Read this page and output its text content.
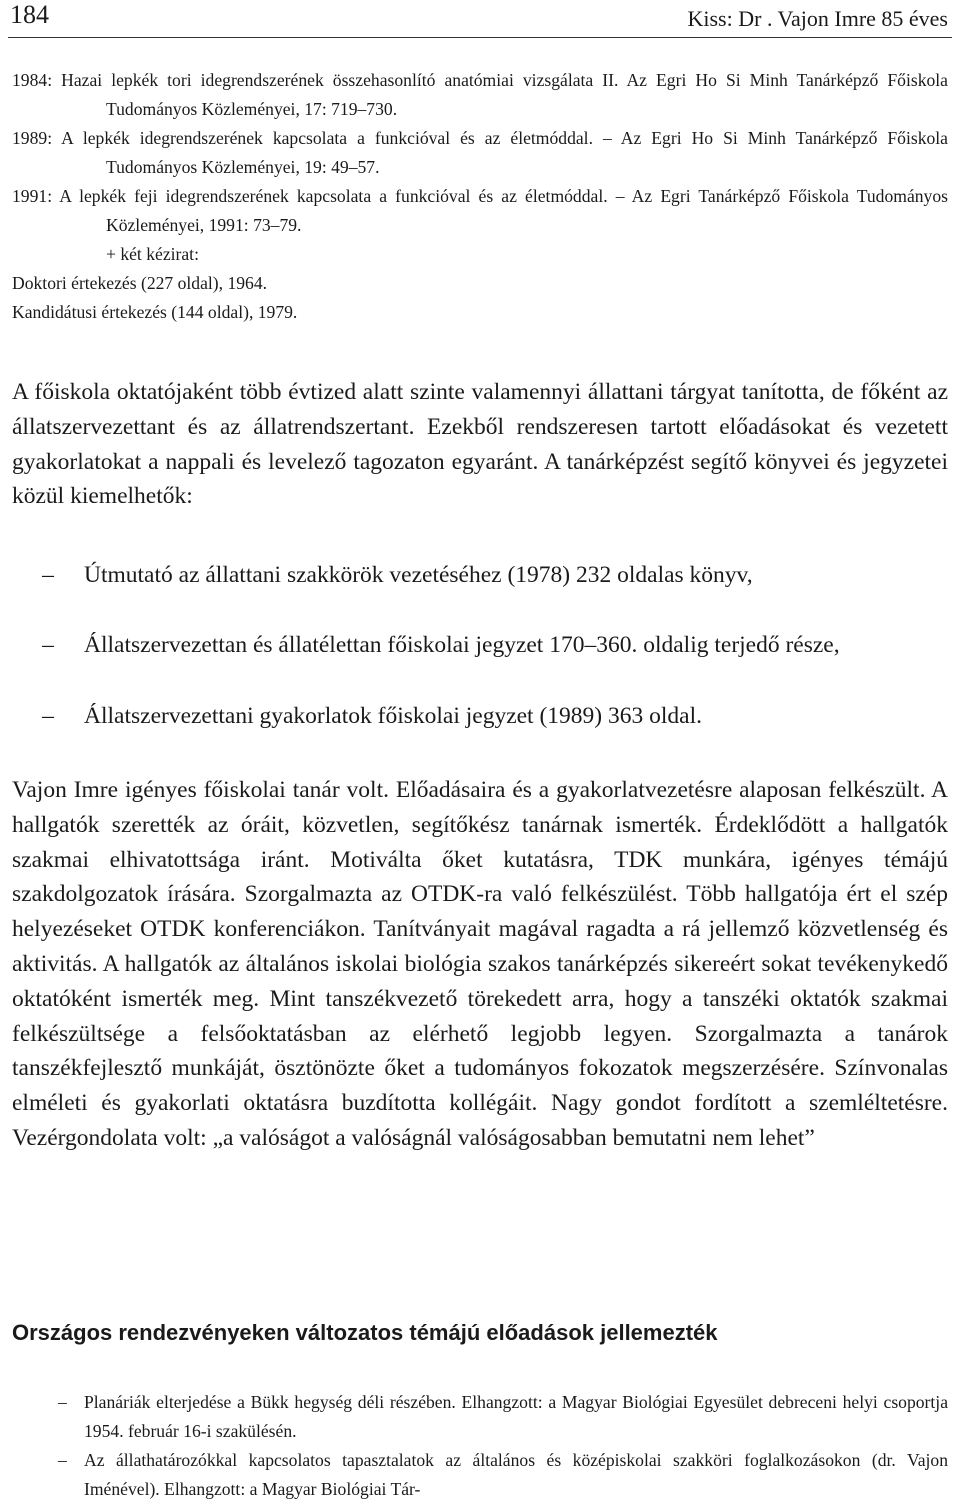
184	Kiss: Dr . Vajon Imre 85 éves

1984: Hazai lepkék tori idegrendszerének összehasonlító anatómiai vizsgálata II. Az Egri Ho Si Minh Tanárképző Főiskola Tudományos Közleményei, 17: 719–730.

1989: A lepkék idegrendszerének kapcsolata a funkcióval és az életmóddal. – Az Egri Ho Si Minh Tanárképző Főiskola Tudományos Közleményei, 19: 49–57.

1991: A lepkék feji idegrendszerének kapcsolata a funkcióval és az életmóddal. – Az Egri Tanárképző Főiskola Tudományos Közleményei, 1991: 73–79.

+ két kézirat:

Doktori értekezés (227 oldal), 1964.

Kandidátusi értekezés (144 oldal), 1979.

A főiskola oktatójaként több évtized alatt szinte valamennyi állattani tárgyat tanította, de főként az állatszervezettant és az állatrendszertant. Ezekből rendszeresen tartott előadásokat és vezetett gyakorlatokat a nappali és levelező tagozaton egyaránt. A tanárképzést segítő könyvei és jegyzetei közül kiemelhetők:

– Útmutató az állattani szakkörök vezetéséhez (1978) 232 oldalas könyv,

– Állatszervezettan és állatélettan főiskolai jegyzet 170–360. oldalig terjedő része,

– Állatszervezettani gyakorlatok főiskolai jegyzet (1989) 363 oldal.

Vajon Imre igényes főiskolai tanár volt. Előadásaira és a gyakorlatvezetésre alaposan felkészült. A hallgatók szerették az óráit, közvetlen, segítőkész tanárnak ismerték. Érdeklődött a hallgatók szakmai elhivatottsága iránt. Motiválta őket kutatásra, TDK munkára, igényes témájú szakdolgozatok írására. Szorgalmazta az OTDK-ra való felkészülést. Több hallgatója ért el szép helyezéseket OTDK konferenciákon. Tanítványait magával ragadta a rá jellemző közvetlenség és aktivitás. A hallgatók az általános iskolai biológia szakos tanárképzés sikereért sokat tevékenykedő oktatóként ismerték meg. Mint tanszékvezető törekedett arra, hogy a tanszéki oktatók szakmai felkészültsége a felsőoktatásban az elérhető legjobb legyen. Szorgalmazta a tanárok tanszékfejlesztő munkáját, ösztönözte őket a tudományos fokozatok megszerzésére. Színvonalas elméleti és gyakorlati oktatásra buzdította kollégáit. Nagy gondot fordított a szemléltetésre. Vezérgondolata volt: „a valóságot a valóságnál valóságosabban bemutatni nem lehet”

Országos rendezvényeken változatos témájú előadások jellemezték

– Planáriák elterjedése a Bükk hegység déli részében. Elhangzott: a Magyar Biológiai Egyesület debreceni helyi csoportja 1954. február 16-i szakülésén.

– Az állathatározókkal kapcsolatos tapasztalatok az általános és középiskolai szakköri foglalkozásokon (dr. Vajon Iménével). Elhangzott: a Magyar Biológiai Tár-
